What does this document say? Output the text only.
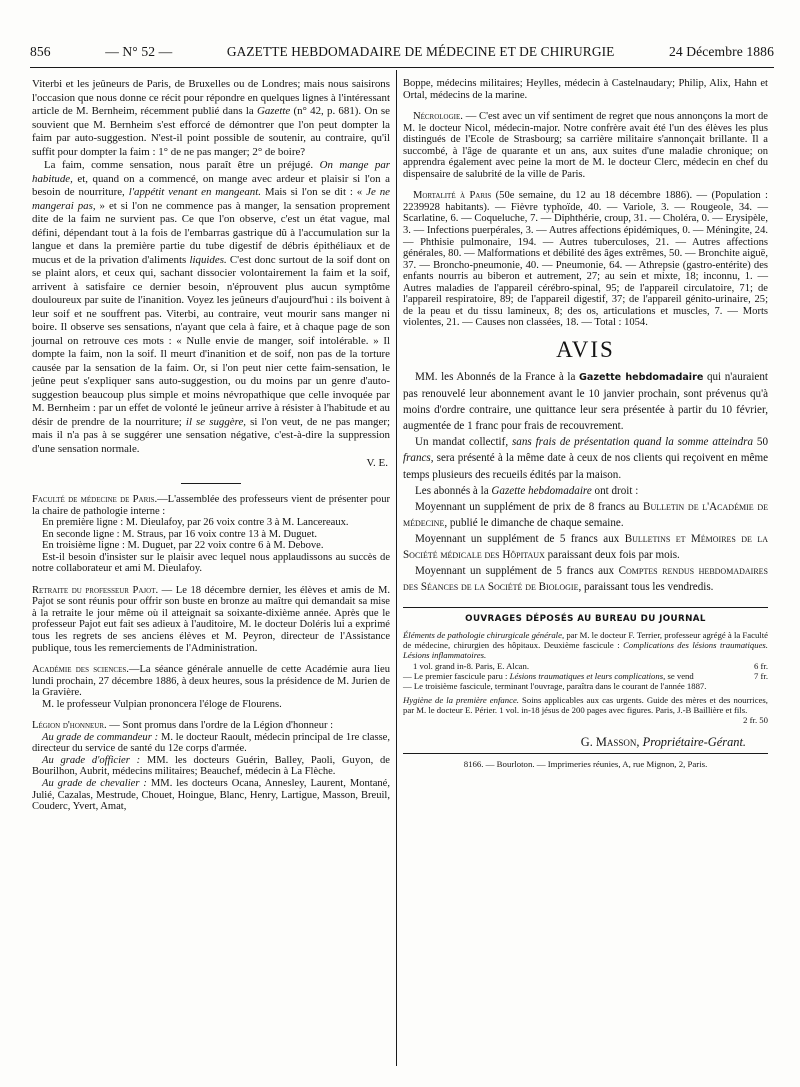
856	— N° 52 —	GAZETTE HEBDOMADAIRE DE MÉDECINE ET DE CHIRURGIE	24 Décembre 1886

Viterbi et les jeûneurs de Paris, de Bruxelles ou de Londres; mais nous saisirons l'occasion que nous donne ce récit pour répondre en quelques lignes à l'intéressant article de M. Bernheim, récemment publié dans la Gazette (n° 42, p. 681). On se souvient que M. Bernheim s'est efforcé de démontrer que l'on peut dompter la faim par auto-suggestion. N'est-il point possible de soutenir, au contraire, qu'il suffit pour dompter la faim : 1° de ne pas manger; 2° de boire?

La faim, comme sensation, nous paraît être un préjugé. On mange par habitude, et, quand on a commencé, on mange avec ardeur et plaisir si l'on a besoin de nourriture, l'appétit venant en mangeant. Mais si l'on se dit : « Je ne mangerai pas, » et si l'on ne commence pas à manger, la sensation proprement dite de la faim ne survient pas. Ce que l'on observe, c'est un état vague, mal défini, dépendant tout à la fois de l'embarras gastrique dû à l'accumulation sur la langue et dans la première partie du tube digestif de débris épithéliaux et de mucus et de la privation d'aliments liquides. C'est donc surtout de la soif dont on se plaint alors, et ceux qui, sachant dissocier volontairement la faim et la soif, arrivent à satisfaire ce dernier besoin, n'éprouvent plus aucun symptôme douloureux par suite de l'inanition. Voyez les jeûneurs d'aujourd'hui : ils boivent à leur soif et ne souffrent pas. Viterbi, au contraire, veut mourir sans manger ni boire. Il observe ses sensations, n'ayant que cela à faire, et à chaque page de son journal on retrouve ces mots : « Nulle envie de manger, soif intolérable. » Il dompte la faim, non la soif. Il meurt d'inanition et de soif, non pas de la torture causée par la sensation de la faim. Or, si l'on peut nier cette faim-sensation, le jeûne peut s'expliquer sans auto-suggestion, ou du moins par un genre d'auto-suggestion beaucoup plus simple et moins névropathique que celle invoquée par M. Bernheim : par un effet de volonté le jeûneur arrive à résister à l'habitude et au désir de prendre de la nourriture; il se suggère, si l'on veut, de ne pas manger; mais il n'a pas à se suggérer une sensation négative, c'est-à-dire la suppression d'une sensation normale.

V. E.

Faculté de médecine de Paris.—L'assemblée des professeurs vient de présenter pour la chaire de pathologie interne :

En première ligne : M. Dieulafoy, par 26 voix contre 3 à M. Lancereaux.

En seconde ligne : M. Straus, par 16 voix contre 13 à M. Duguet.

En troisième ligne : M. Duguet, par 22 voix contre 6 à M. Debove.

Est-il besoin d'insister sur le plaisir avec lequel nous applaudissons au succès de notre collaborateur et ami M. Dieulafoy.

Retraite du professeur Pajot. — Le 18 décembre dernier, les élèves et amis de M. Pajot se sont réunis pour offrir son buste en bronze au maître qui demandait sa mise à la retraite le jour même où il atteignait sa soixante-dixième année. Après que le professeur Pajot eut fait ses adieux à l'auditoire, M. le docteur Doléris lui a exprimé tous les regrets de ses anciens élèves et M. Peyron, directeur de l'Assistance publique, tous les remerciements de l'Administration.

Académie des sciences.—La séance générale annuelle de cette Académie aura lieu lundi prochain, 27 décembre 1886, à deux heures, sous la présidence de M. Jurien de la Gravière.

M. le professeur Vulpian prononcera l'éloge de Flourens.

Légion d'honneur. — Sont promus dans l'ordre de la Légion d'honneur :

Au grade de commandeur : M. le docteur Raoult, médecin principal de 1re classe, directeur du service de santé du 12e corps d'armée.

Au grade d'officier : MM. les docteurs Guérin, Balley, Paoli, Guyon, de Bourilhon, Aubrit, médecins militaires; Beauchef, médecin à La Flèche.

Au grade de chevalier : MM. les docteurs Ocana, Annesley, Laurent, Montané, Julié, Cazalas, Mestrude, Chouet, Hoingue, Blanc, Henry, Lartigue, Masson, Breuil, Couderc, Yvert, Amat,

Boppe, médecins militaires; Heylles, médecin à Castelnaudary; Philip, Alix, Hahn et Ortal, médecins de la marine.

Nécrologie. — C'est avec un vif sentiment de regret que nous annonçons la mort de M. le docteur Nicol, médecin-major. Notre confrère avait été l'un des élèves les plus distingués de l'Ecole de Strasbourg; sa carrière militaire s'annonçait brillante. Il a succombé, à l'âge de quarante et un ans, aux suites d'une maladie chronique; on apprendra également avec peine la mort de M. le docteur Clerc, médecin en chef du dispensaire de salubrité de la ville de Paris.

Mortalité à Paris (50e semaine, du 12 au 18 décembre 1886). — (Population : 2239928 habitants). — Fièvre typhoïde, 40. — Variole, 3. — Rougeole, 34. — Scarlatine, 6. — Coqueluche, 7. — Diphthérie, croup, 31. — Choléra, 0. — Erysipèle, 3. — Infections puerpérales, 3. — Autres affections épidémiques, 0. — Méningite, 24. — Phthisie pulmonaire, 194. — Autres tuberculoses, 21. — Autres affections générales, 80. — Malformations et débilité des âges extrêmes, 50. — Bronchite aiguë, 37. — Broncho-pneumonie, 40. — Pneumonie, 64. — Athrepsie (gastro-entérite) des enfants nourris au biberon et autrement, 27; au sein et mixte, 18; inconnu, 1. — Autres maladies de l'appareil cérébro-spinal, 95; de l'appareil circulatoire, 71; de l'appareil respiratoire, 89; de l'appareil digestif, 37; de l'appareil génito-urinaire, 25; de la peau et du tissu lamineux, 8; des os, articulations et muscles, 7. — Morts violentes, 21. — Causes non classées, 18. — Total : 1054.

AVIS

MM. les Abonnés de la France à la Gazette hebdomadaire qui n'auraient pas renouvelé leur abonnement avant le 10 janvier prochain, sont prévenus qu'à moins d'ordre contraire, une quittance leur sera présentée à partir du 10 février, augmentée de 1 franc pour frais de recouvrement.

Un mandat collectif, sans frais de présentation quand la somme atteindra 50 francs, sera présenté à la même date à ceux de nos clients qui reçoivent en même temps plusieurs des recueils édités par la maison.

Les abonnés à la Gazette hebdomadaire ont droit :

Moyennant un supplément de prix de 8 francs au Bulletin de l'Académie de médecine, publié le dimanche de chaque semaine.

Moyennant un supplément de 5 francs aux Bulletins et Mémoires de la Société médicale des Hôpitaux paraissant deux fois par mois.

Moyennant un supplément de 5 francs aux Comptes rendus hebdomadaires des Séances de la Société de Biologie, paraissant tous les vendredis.

OUVRAGES DÉPOSÉS AU BUREAU DU JOURNAL

Éléments de pathologie chirurgicale générale, par M. le docteur F. Terrier, professeur agrégé à la Faculté de médecine, chirurgien des hôpitaux. Deuxième fascicule : Complications des lésions traumatiques. Lésions inflammatoires.

1 vol. grand in-8. Paris, E. Alcan.	6 fr.

— Le premier fascicule paru : Lésions traumatiques et leurs complications, se vend	7 fr.

— Le troisième fascicule, terminant l'ouvrage, paraîtra dans le courant de l'année 1887.

Hygiène de la première enfance. Soins applicables aux cas urgents. Guide des mères et des nourrices, par M. le docteur E. Périer. 1 vol. in-18 jésus de 200 pages avec figures. Paris, J.-B Baillière et fils.
2 fr. 50

G. Masson, Propriétaire-Gérant.
8166. — Bourloton. — Imprimeries réunies, A, rue Mignon, 2, Paris.
